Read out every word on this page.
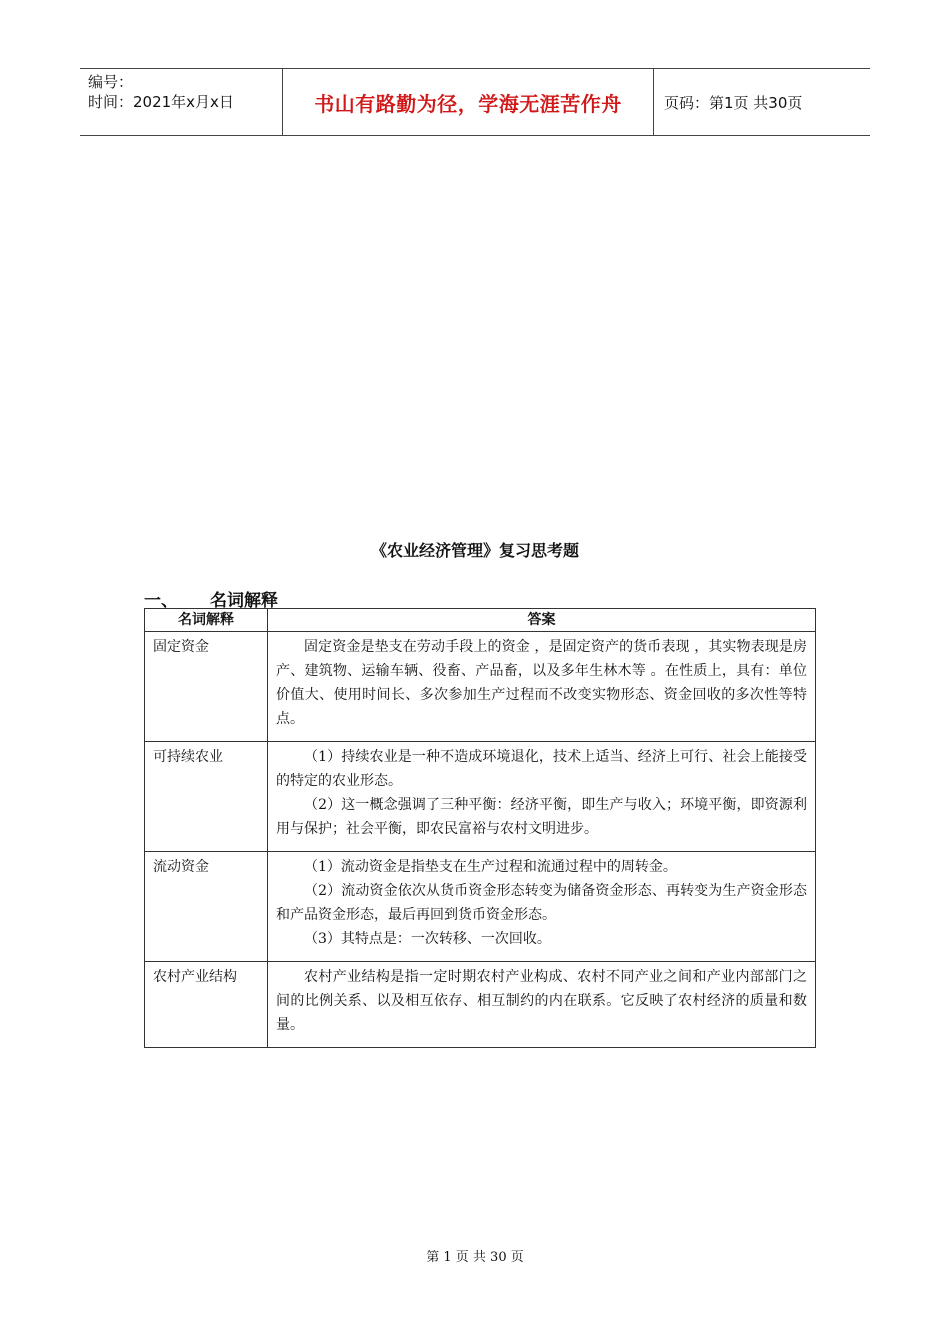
编号：
时间：2021年x月x日	书山有路勤为径，学海无涯苦作舟	页码：第1页 共30页
《农业经济管理》复习思考题
一、 名词解释
名词解释	答案
固定资金	固定资金是垫支在劳动手段上的资金 ，是固定资产的货币表现 ，其实物表现是房产、建筑物、运输车辆、役畜、产品畜，以及多年生林木等 。在性质上，具有：单位价值大、使用时间长、多次参加生产过程而不改变实物形态、资金回收的多次性等特点。

可持续农业	（1）持续农业是一种不造成环境退化，技术上适当、经济上可行、社会上能接受的特定的农业形态。

（2）这一概念强调了三种平衡：经济平衡，即生产与收入；环境平衡，即资源利用与保护；社会平衡，即农民富裕与农村文明进步。

流动资金	（1）流动资金是指垫支在生产过程和流通过程中的周转金。

（2）流动资金依次从货币资金形态转变为储备资金形态、再转变为生产资金形态和产品资金形态，最后再回到货币资金形态。

（3）其特点是：一次转移、一次回收。

农村产业结构	农村产业结构是指一定时期农村产业构成、农村不同产业之间和产业内部部门之间的比例关系、以及相互依存、相互制约的内在联系。它反映了农村经济的质量和数量。

第 1 页 共 30 页
